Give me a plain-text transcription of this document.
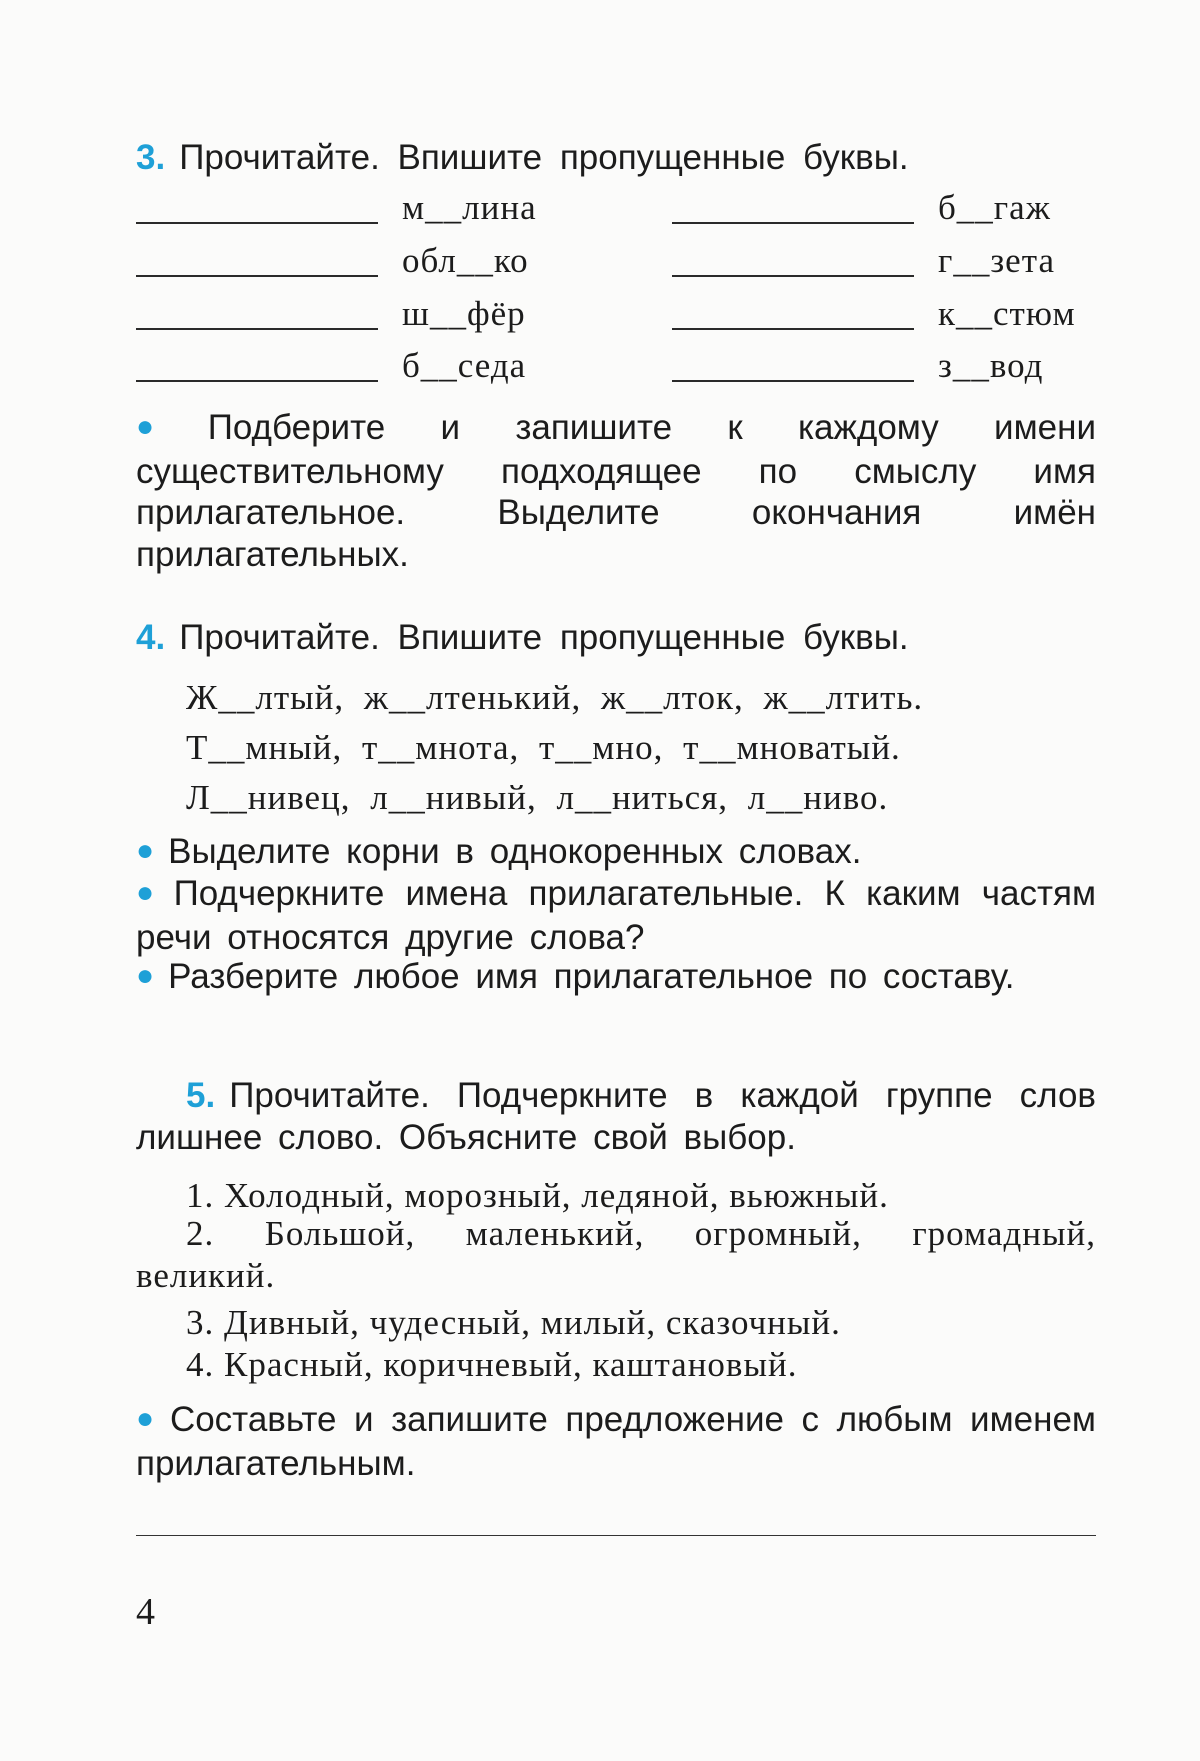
3. Прочитайте. Впишите пропущенные буквы.
м__лина	б__гаж
обл__ко	г__зета
ш__фёр	к__стюм
б__седа	з__вод

● Подберите и запишите к каждому имени существительному подходящее по смыслу имя прилагательное. Выделите окончания имён прилагательных.

4. Прочитайте. Впишите пропущенные буквы.
Ж__лтый, ж__лтенький, ж__лток, ж__лтить.
Т__мный, т__мнота, т__мно, т__мноватый.
Л__нивец, л__нивый, л__ниться, л__ниво.

● Выделите корни в однокоренных словах.

● Подчеркните имена прилагательные. К каким частям речи относятся другие слова?

● Разберите любое имя прилагательное по составу.

5. Прочитайте. Подчеркните в каждой группе слов лишнее слово. Объясните свой выбор.

1. Холодный, морозный, ледяной, вьюжный.

2. Большой, маленький, огромный, громадный, великий.

3. Дивный, чудесный, милый, сказочный.
4. Красный, коричневый, каштановый.

● Составьте и запишите предложение с любым именем прилагательным.

4
